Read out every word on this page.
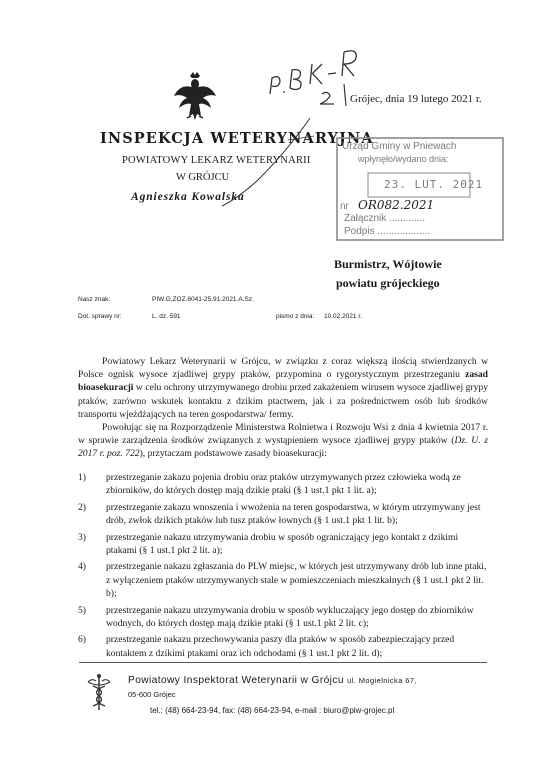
Grójec, dnia 19 lutego 2021 r.
INSPEKCJA WETERYNARYJNA
POWIATOWY LEKARZ WETERYNARII
W GRÓJCU
Agnieszka Kowalska
Urząd Gminy w Pniewach
wpłynęło/wydano dnia:
23. LUT. 2021
nr OR082.2021
Załącznik .............
Podpis ...................
Burmistrz, Wójtowie
powiatu grójeckiego
Nasz znak:	PIW.G.ZOZ.6041-25.91.2021.A.Sz.
Dot. sprawy nr:	L. dz. 591	pismo z dnia: 10.02.2021 r.

Powiatowy Lekarz Weterynarii w Grójcu, w związku z coraz większą ilością stwierdzanych w Polsce ognisk wysoce zjadliwej grypy ptaków, przypomina o rygorystycznym przestrzeganiu zasad bioasekuracji w celu ochrony utrzymywanego drobiu przed zakażeniem wirusem wysoce zjadliwej grypy ptaków, zarówno wskutek kontaktu z dzikim ptactwem, jak i za pośrednictwem osób lub środków transportu wjeżdżających na teren gospodarstwa/ fermy.

Powołując się na Rozporządzenie Ministerstwa Rolnietwa i Rozwoju Wsi z dnia 4 kwietnia 2017 r. w sprawie zarządzenia środków związanych z wystąpieniem wysoce zjadliwej grypy ptaków (Dz. U. z 2017 r. poz. 722), przytaczam podstawowe zasady bioasekuracji:

1) przestrzeganie zakazu pojenia drobiu oraz ptaków utrzymywanych przez człowieka wodą ze zbiorników, do których dostęp mają dzikie ptaki (§ 1 ust.1 pkt 1 lit. a);
2) przestrzeganie zakazu wnoszenia i wwożenia na teren gospodarstwa, w którym utrzymywany jest drób, zwłok dzikich ptaków lub tusz ptaków łownych (§ 1 ust.1 pkt 1 lit. b);
3) przestrzeganie nakazu utrzymywania drobiu w sposób ograniczający jego kontakt z dzikimi ptakami (§ 1 ust.1 pkt 2 lit. a);
4) przestrzeganie nakazu zgłaszania do PLW miejsc, w których jest utrzymywany drób lub inne ptaki, z wyłączeniem ptaków utrzymywanych stale w pomieszczeniach mieszkalnych (§ 1 ust.1 pkt 2 lit. b);
5) przestrzeganie nakazu utrzymywania drobiu w sposób wykluczający jego dostęp do zbiorników wodnych, do których dostęp mają dzikie ptaki (§ 1 ust.1 pkt 2 lit. c);
6) przestrzeganie nakazu przechowywania paszy dla ptaków w sposób zabezpieczający przed kontaktem z dzikimi ptakami oraz ich odchodami (§ 1 ust.1 pkt 2 lit. d);
Powiatowy Inspektorat Weterynarii w Grójcu ul. Mogielnicka 67,
05-600 Grójec
tel.: (48) 664-23-94, fax: (48) 664-23-94, e-mail : biuro@piw-grojec.pl
